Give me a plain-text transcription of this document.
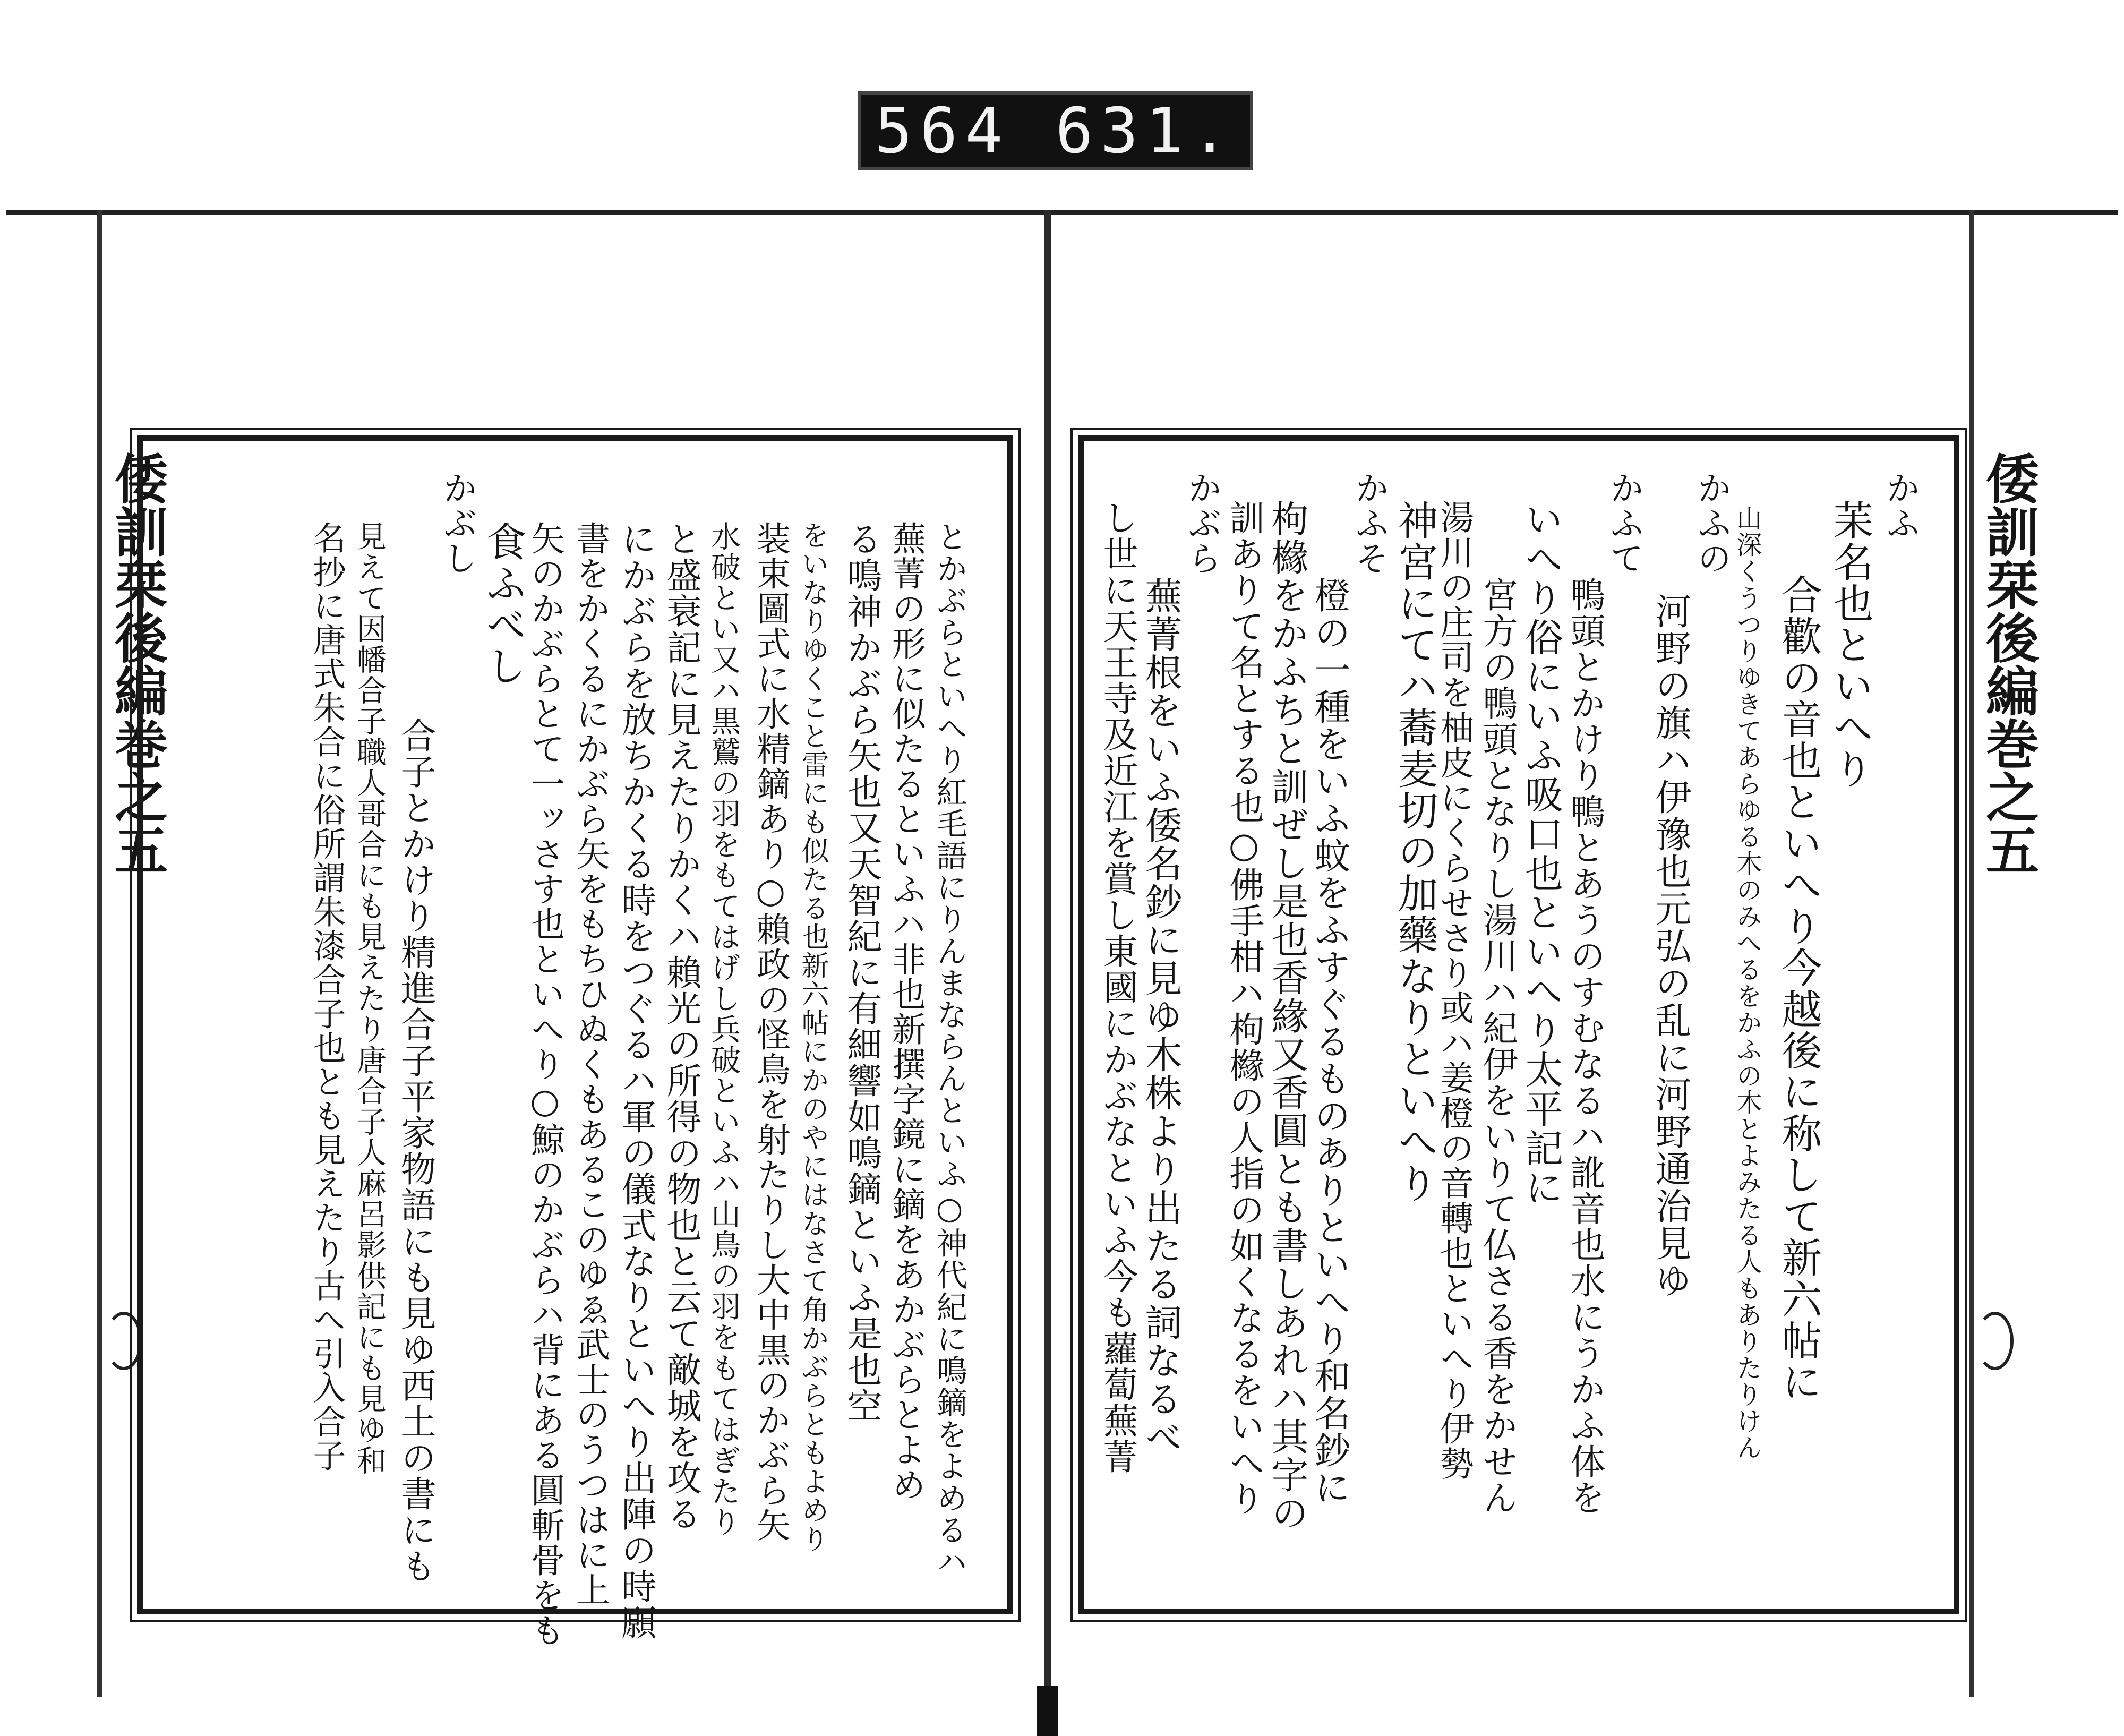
564 631.
倭訓栞後編巻之五	倭訓栞後編巻之五
かふ
苿名也といへり
合歡の音也といへり今越後に称して新六帖に
山深くうつりゆきてあらゆる木のみへるをかふの木とよみたる人もありたりけん
かふの
河野の旗ハ伊豫也元弘の乱に河野通治見ゆ
かふて
鴨頭とかけり鴨とあうのすむなるハ訛音也水にうかふ体を
いへり俗にいふ吸口也といへり太平記に
宮方の鴨頭となりし湯川ハ紀伊をいりて仏さる香をかせん
湯川の庄司を柚皮にくらせさり或ハ姜橙の音轉也といへり伊勢
神宮にてハ蕎麦切の加藥なりといへり
かふそ
橙の一種をいふ蚊をふすぐるものありといへり和名鈔に
枸櫞をかふちと訓ぜし是也香緣又香圓とも書しあれハ其字の
訓ありて名とする也○佛手柑ハ枸櫞の人指の如くなるをいへり
かぶら
蕪菁根をいふ倭名鈔に見ゆ木株より出たる詞なるべ
し世に天王寺及近江を賞し東國にかぶなといふ今も蘿蔔蕪菁
とかぶらといへり紅毛語にりんまならんといふ○神代紀に鳴鏑をよめるハ
蕪菁の形に似たるといふハ非也新撰字鏡に鏑をあかぶらとよめ
る鳴神かぶら矢也又天智紀に有細響如鳴鏑といふ是也空
をいなりゆくこと雷にも似たる也新六帖にかのやにはなさて角かぶらともよめり
装束圖式に水精鏑あり○賴政の怪鳥を射たりし大中黒のかぶら矢
水破とい又ハ黒鷲の羽をもてはげし兵破といふハ山鳥の羽をもてはぎたり
と盛衰記に見えたりかくハ賴光の所得の物也と云て敵城を攻る
にかぶらを放ちかくる時をつぐるハ軍の儀式なりといへり出陣の時願
書をかくるにかぶら矢をもちひぬくもあるこのゆゑ武士のうつはに上
矢のかぶらとて一ッさす也といへり○鯨のかぶらハ背にある圓斬骨をも
食ふべし
かぶし
合子とかけり精進合子平家物語にも見ゆ西土の書にも
見えて因幡合子職人哥合にも見えたり唐合子人麻呂影供記にも見ゆ和
名抄に唐式朱合に俗所謂朱漆合子也とも見えたり古へ引入合子
